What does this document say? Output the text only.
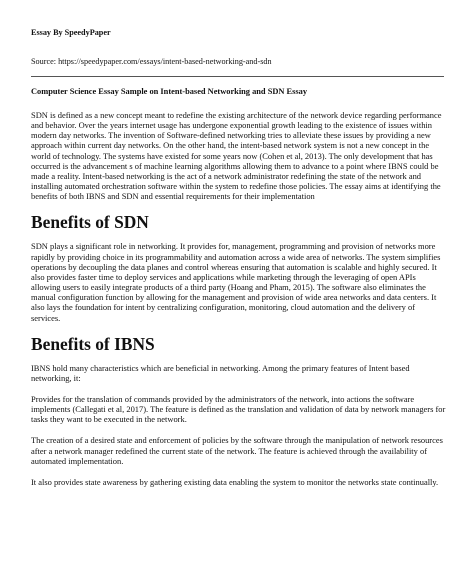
Essay By SpeedyPaper
Source: https://speedypaper.com/essays/intent-based-networking-and-sdn
Computer Science Essay Sample on Intent-based Networking and SDN Essay

SDN is defined as a new concept meant to redefine the existing architecture of the network device regarding performance and behavior. Over the years internet usage has undergone exponential growth leading to the existence of issues within modern day networks. The invention of Software-defined networking tries to alleviate these issues by providing a new approach within current day networks. On the other hand, the intent-based network system is not a new concept in the world of technology. The systems have existed for some years now (Cohen et al, 2013). The only development that has occurred is the advancement s of machine learning algorithms allowing them to advance to a point where IBNS could be made a reality. Intent-based networking is the act of a network administrator redefining the state of the network and installing automated orchestration software within the system to redefine those policies. The essay aims at identifying the benefits of both IBNS and SDN and essential requirements for their implementation

Benefits of SDN

SDN plays a significant role in networking. It provides for, management, programming and provision of networks more rapidly by providing choice in its programmability and automation across a wide area of networks. The system simplifies operations by decoupling the data planes and control whereas ensuring that automation is scalable and highly secured. It also provides faster time to deploy services and applications while marketing through the leveraging of open APIs allowing users to easily integrate products of a third party (Hoang and Pham, 2015). The software also eliminates the manual configuration function by allowing for the management and provision of wide area networks and data centers. It also lays the foundation for intent by centralizing configuration, monitoring, cloud automation and the delivery of services.

Benefits of IBNS

IBNS hold many characteristics which are beneficial in networking. Among the primary features of Intent based networking, it:

Provides for the translation of commands provided by the administrators of the network, into actions the software implements (Callegati et al, 2017). The feature is defined as the translation and validation of data by network managers for tasks they want to be executed in the network.

The creation of a desired state and enforcement of policies by the software through the manipulation of network resources after a network manager redefined the current state of the network. The feature is achieved through the availability of automated implementation.

It also provides state awareness by gathering existing data enabling the system to monitor the networks state continually.
